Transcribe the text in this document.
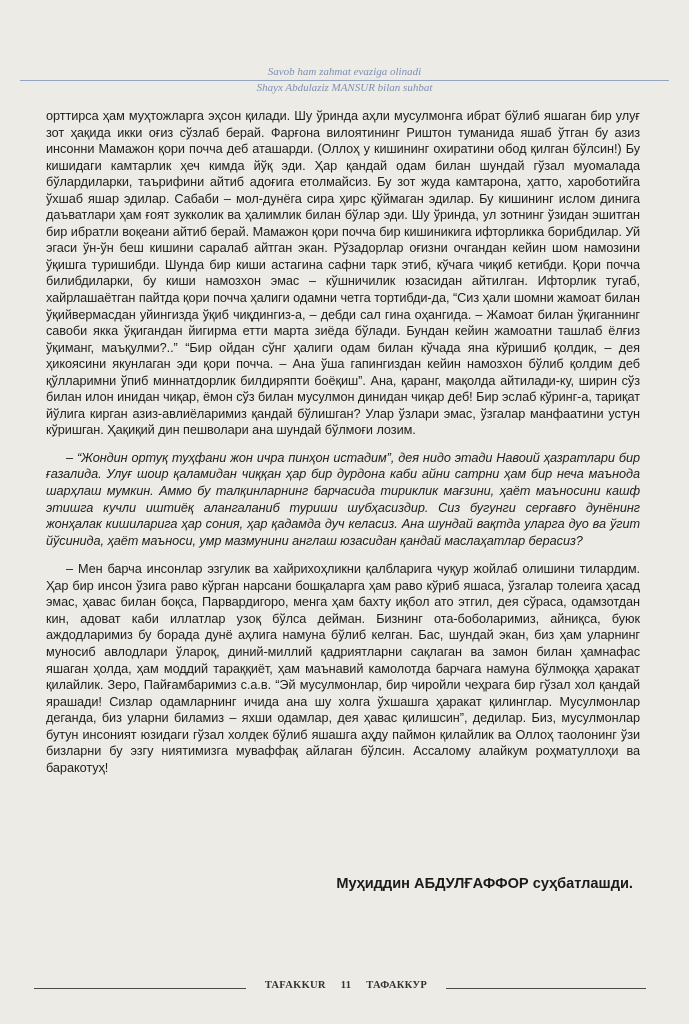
Savob ham zahmat evaziga olinadi
Shayx Abdulaziz MANSUR bilan suhbat

орттирса ҳам муҳтожларга эҳсон қилади. Шу ўринда аҳли мусулмонга ибрат бўлиб яшаган бир улуғ зот ҳақида икки оғиз сўзлаб берай. Фарғона вилоятининг Риштон туманида яшаб ўтган бу азиз инсонни Мамажон қори почча деб аташарди. (Оллоҳ у кишининг охиратини обод қилган бўлсин!) Бу кишидаги камтарлик ҳеч кимда йўқ эди. Ҳар қандай одам билан шундай гўзал муомалада бўлардиларки, таърифини айтиб адоғига етолмайсиз. Бу зот жуда камтарона, ҳатто, хароботийга ўхшаб яшар эдилар. Сабаби – мол-дунёга сира ҳирс қўймаган эдилар. Бу кишининг ислом динига даъватлари ҳам ғоят зукколик ва ҳалимлик билан бўлар эди. Шу ўринда, ул зотнинг ўзидан эшитган бир ибратли воқеани айтиб берай. Мамажон қори почча бир кишиникига ифторликка борибдилар. Уй эгаси ўн-ўн беш кишини саралаб айтган экан. Рўзадорлар оғизни очгандан кейин шом намозини ўқишга туришибди. Шунда бир киши астагина сафни тарк этиб, кўчага чиқиб кетибди. Қори почча билибдиларки, бу киши намозхон эмас – кўшничилик юзасидан айтилган. Ифторлик тугаб, хайрлашаётган пайтда қори почча ҳалиги одамни четга тортибди-да, “Сиз ҳали шомни жамоат билан ўқийвермасдан уйингизда ўқиб чиқдингиз-а, – дебди сал гина оҳангида. – Жамоат билан ўқиганнинг савоби якка ўқигандан йигирма етти марта зиёда бўлади. Бундан кейин жамоатни ташлаб ёлғиз ўқиманг, маъқулми?..” “Бир ойдан сўнг ҳалиги одам билан кўчада яна кўришиб қолдик, – дея ҳикоясини якунлаган эди қори почча. – Ана ўша гапингиздан кейин намозхон бўлиб қолдим деб қўлларимни ўпиб миннатдорлик билдиряпти боёқиш”. Ана, қаранг, мақолда айтилади-ку, ширин сўз билан илон инидан чиқар, ёмон сўз билан мусулмон динидан чиқар деб! Бир эслаб кўринг-а, тариқат йўлига кирган азиз-авлиёларимиз қандай бўлишган? Улар ўзлари эмас, ўзгалар манфаатини устун кўришган. Ҳақиқий дин пешволари ана шундай бўлмоғи лозим.

– “Жондин ортуқ туҳфани жон ичра пинҳон истадим”, дея нидо этади Навоий ҳазратлари бир ғазалида. Улуғ шоир қаламидан чиққан ҳар бир дурдона каби айни сатрни ҳам бир неча маънода шарҳлаш мумкин. Аммо бу талқинларнинг барчасида тириклик мағзини, ҳаёт маъносини кашф этишга кучли иштиёқ алангаланиб туриши шубҳасиздир. Сиз бугунги серғавғо дунёнинг жонҳалак кишиларига ҳар сония, ҳар қадамда дуч келасиз. Ана шундай вақтда уларга дуо ва ўгит йўсинида, ҳаёт маъноси, умр мазмунини англаш юзасидан қандай маслаҳатлар берасиз?

– Мен барча инсонлар эзгулик ва хайрихоҳликни қалбларига чуқур жойлаб олишини тилардим. Ҳар бир инсон ўзига раво кўрган нарсани бошқаларга ҳам раво кўриб яшаса, ўзгалар толеига ҳасад эмас, ҳавас билан боқса, Парвардигоро, менга ҳам бахту иқбол ато этгил, дея сўраса, одамзотдан кин, адоват каби иллатлар узоқ бўлса дейман. Бизнинг ота-боболаримиз, айниқса, буюк аждодларимиз бу борада дунё аҳлига намуна бўлиб келган. Бас, шундай экан, биз ҳам уларнинг муносиб авлодлари ўлароқ, диний-миллий қадриятларни сақлаган ва замон билан ҳамнафас яшаган ҳолда, ҳам моддий тараққиёт, ҳам маънавий камолотда барчага намуна бўлмоққа ҳаракат қилайлик. Зеро, Пайғамбаримиз с.а.в. “Эй мусулмонлар, бир чиройли чеҳрага бир гўзал хол қандай ярашади! Сизлар одамларнинг ичида ана шу холга ўхшашга ҳаракат қилинглар. Мусулмонлар деганда, биз уларни биламиз – яхши одамлар, дея ҳавас қилишсин”, дедилар. Биз, мусулмонлар бутун инсоният юзидаги гўзал холдек бўлиб яшашга аҳду паймон қилайлик ва Оллоҳ таолонинг ўзи бизларни бу эзгу ниятимизга муваффақ айлаган бўлсин. Ассалому алайкум роҳматуллоҳи ва баракотуҳ!

Муҳиддин АБДУЛҒАФФОР суҳбатлашди.
TAFAKKUR 11 ТАФАККУР
